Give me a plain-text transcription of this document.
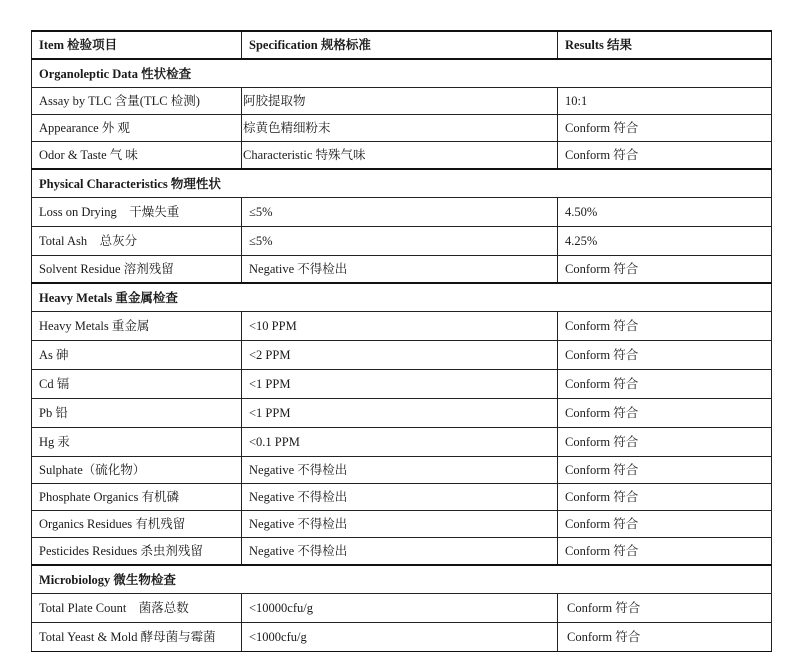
Item 检验项目	Specification 规格标准	Results 结果
Organoleptic Data 性状检查		
Assay by TLC 含量(TLC 检测)	阿胶提取物	10:1
Appearance 外 观	棕黄色精细粉末	Conform 符合
Odor & Taste 气 味	Characteristic 特殊气味	Conform 符合
Physical Characteristics 物理性状		
Loss on Drying    干燥失重	≤5%	4.50%
Total Ash    总灰分	≤5%	4.25%
Solvent Residue 溶剂残留	Negative 不得检出	Conform 符合
Heavy Metals 重金属检查		
Heavy Metals 重金属	<10 PPM	Conform 符合
As 砷	<2 PPM	Conform 符合
Cd 镉	<1 PPM	Conform 符合
Pb 铅	<1 PPM	Conform 符合
Hg 汞	<0.1 PPM	Conform 符合
Sulphate（硫化物）	Negative 不得检出	Conform 符合
Phosphate Organics 有机磷	Negative 不得检出	Conform 符合
Organics Residues 有机残留	Negative 不得检出	Conform 符合
Pesticides Residues 杀虫剂残留	Negative 不得检出	Conform 符合
Microbiology 微生物检查		
Total Plate Count    菌落总数	<10000cfu/g	Conform 符合
Total Yeast & Mold 酵母菌与霉菌	<1000cfu/g	Conform 符合
